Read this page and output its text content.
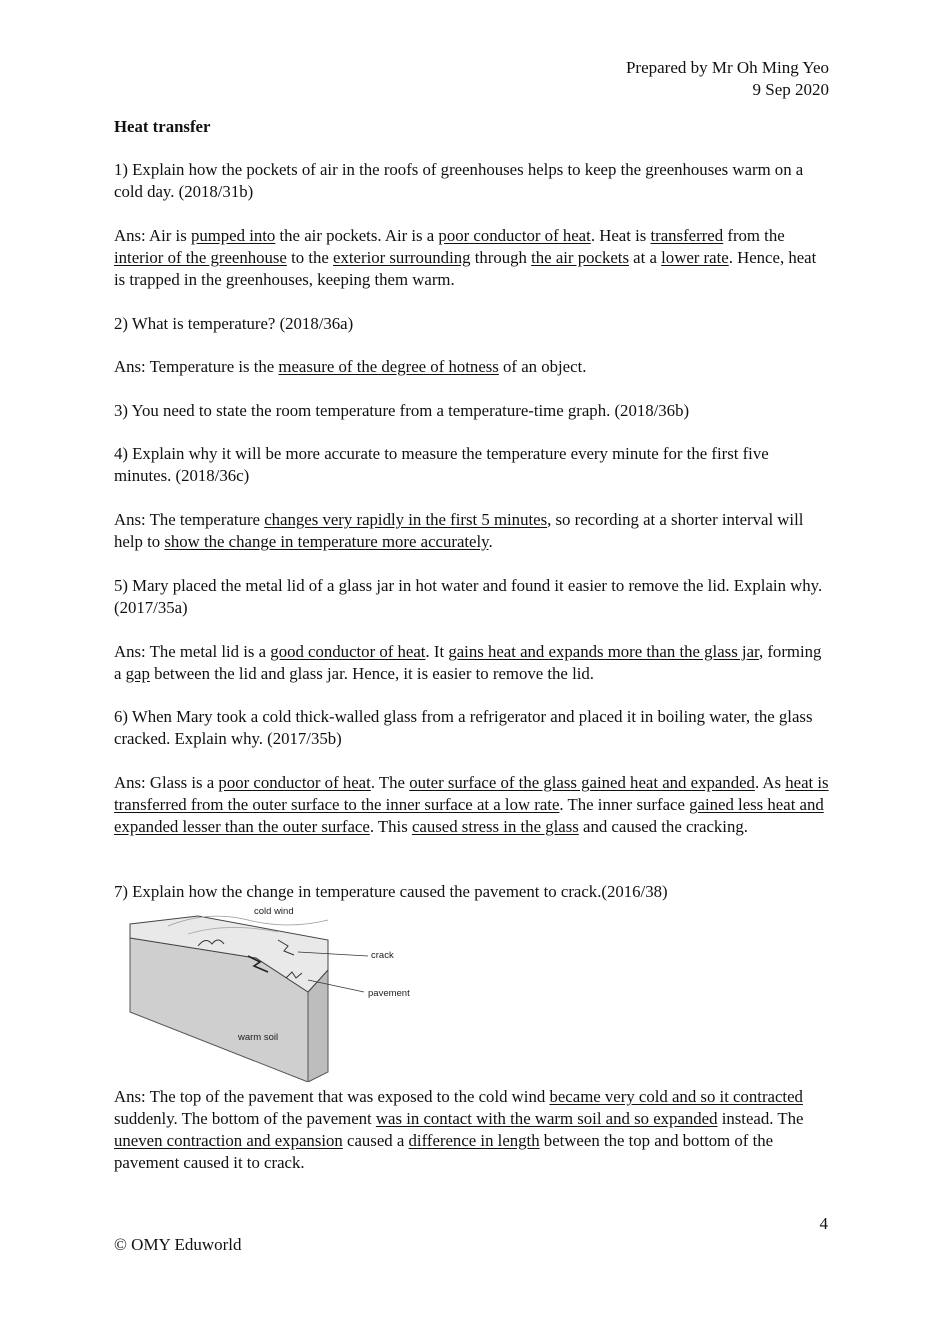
Prepared by Mr Oh Ming Yeo
9 Sep 2020

Heat transfer

1) Explain how the pockets of air in the roofs of greenhouses helps to keep the greenhouses warm on a cold day. (2018/31b)

Ans: Air is pumped into the air pockets. Air is a poor conductor of heat. Heat is transferred from the interior of the greenhouse to the exterior surrounding through the air pockets at a lower rate. Hence, heat is trapped in the greenhouses, keeping them warm.

2) What is temperature? (2018/36a)

Ans: Temperature is the measure of the degree of hotness of an object.

3) You need to state the room temperature from a temperature-time graph. (2018/36b)

4) Explain why it will be more accurate to measure the temperature every minute for the first five minutes. (2018/36c)

Ans: The temperature changes very rapidly in the first 5 minutes, so recording at a shorter interval will help to show the change in temperature more accurately.

5) Mary placed the metal lid of a glass jar in hot water and found it easier to remove the lid. Explain why. (2017/35a)

Ans: The metal lid is a good conductor of heat. It gains heat and expands more than the glass jar, forming a gap between the lid and glass jar. Hence, it is easier to remove the lid.

6) When Mary took a cold thick-walled glass from a refrigerator and placed it in boiling water, the glass cracked. Explain why. (2017/35b)

Ans: Glass is a poor conductor of heat. The outer surface of the glass gained heat and expanded. As heat is transferred from the outer surface to the inner surface at a low rate. The inner surface gained less heat and expanded lesser than the outer surface. This caused stress in the glass and caused the cracking.

7) Explain how the change in temperature caused the pavement to crack.(2016/38)

cold wind
crack
pavement
warm soil

Ans: The top of the pavement that was exposed to the cold wind became very cold and so it contracted suddenly. The bottom of the pavement was in contact with the warm soil and so expanded instead. The uneven contraction and expansion caused a difference in length between the top and bottom of the pavement caused it to crack.

4
© OMY Eduworld
